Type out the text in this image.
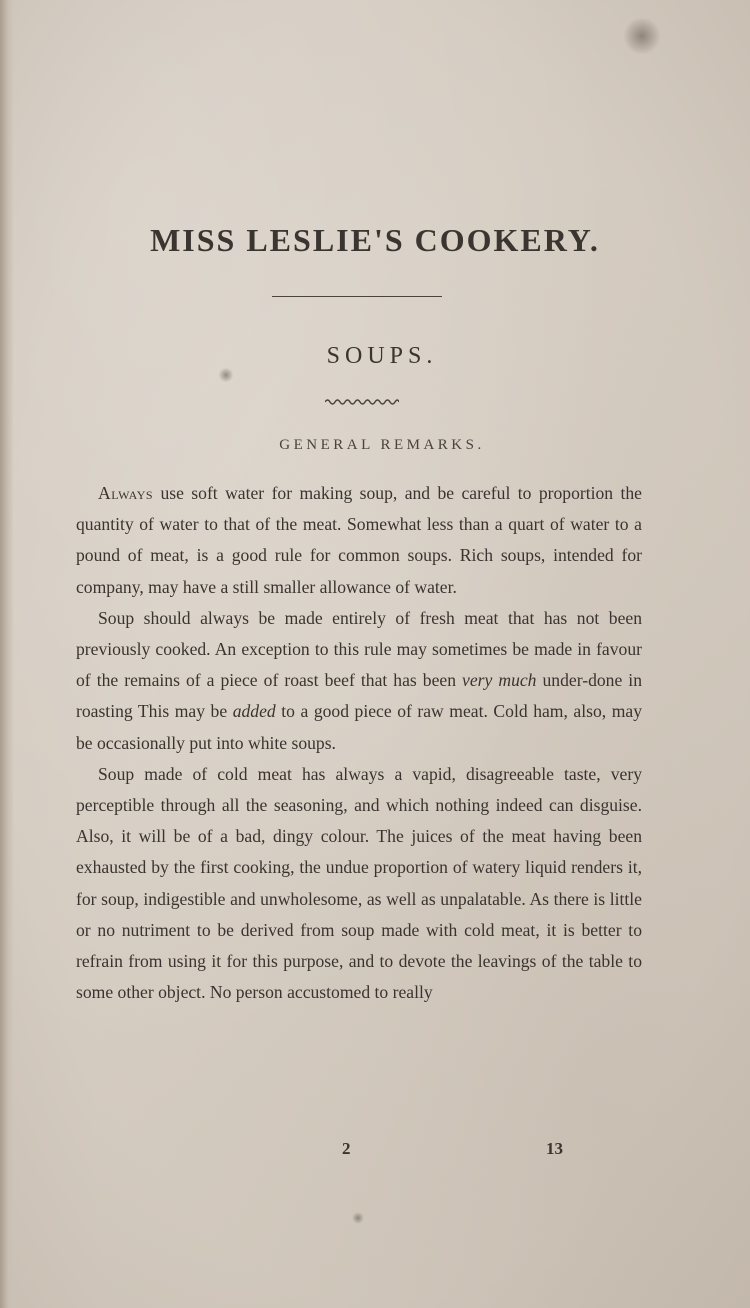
MISS LESLIE'S COOKERY.
SOUPS.
GENERAL REMARKS.

Always use soft water for making soup, and be careful to proportion the quantity of water to that of the meat. Somewhat less than a quart of water to a pound of meat, is a good rule for common soups. Rich soups, intended for company, may have a still smaller allowance of water.

Soup should always be made entirely of fresh meat that has not been previously cooked. An exception to this rule may sometimes be made in favour of the remains of a piece of roast beef that has been very much under-done in roasting This may be added to a good piece of raw meat. Cold ham, also, may be occasionally put into white soups.

Soup made of cold meat has always a vapid, disagreeable taste, very perceptible through all the seasoning, and which nothing indeed can disguise. Also, it will be of a bad, dingy colour. The juices of the meat having been exhausted by the first cooking, the undue proportion of watery liquid renders it, for soup, indigestible and unwholesome, as well as unpalatable. As there is little or no nutriment to be derived from soup made with cold meat, it is better to refrain from using it for this purpose, and to devote the leavings of the table to some other object. No person accustomed to really

2	13
